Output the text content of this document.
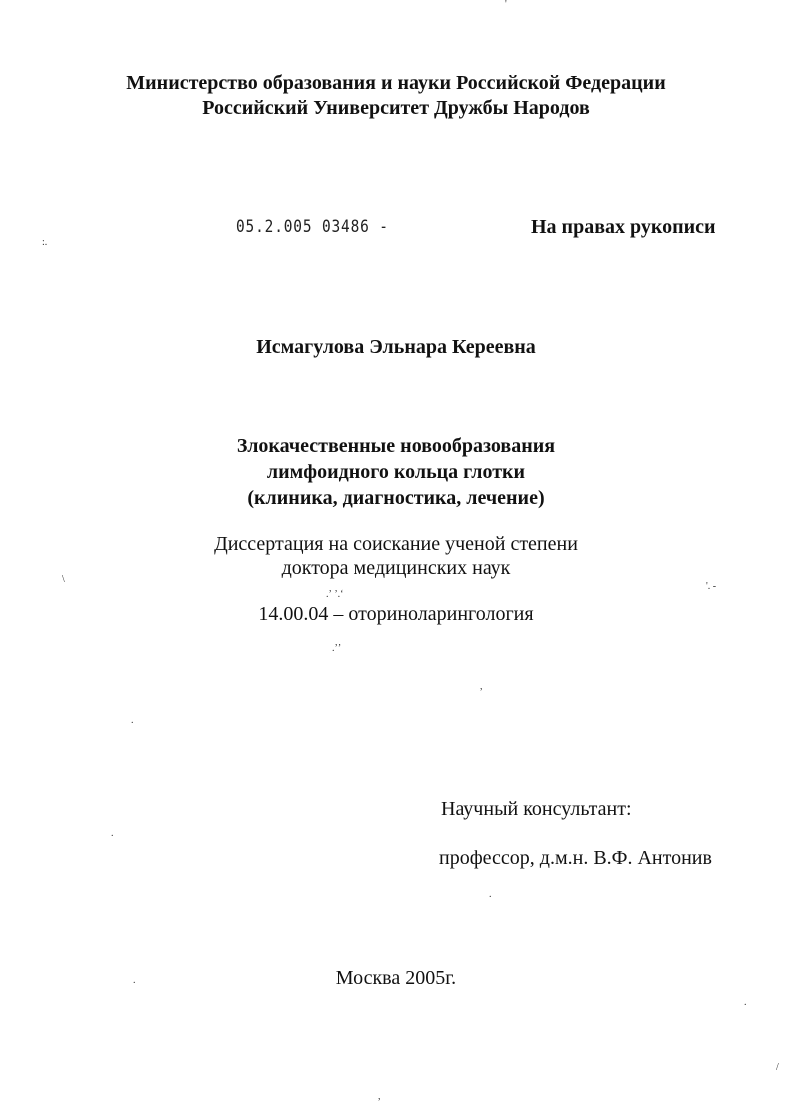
Министерство образования и науки Российской Федерации
Российский Университет Дружбы Народов
05.2.005 03486 -	На правах рукописи
Исмагулова Эльнара Кереевна
Злокачественные новообразования
лимфоидного кольца глотки
(клиника, диагностика, лечение)
Диссертация на соискание ученой степени
доктора медицинских наук
14.00.04 – оториноларингология
Научный консультант:
профессор, д.м.н. В.Ф. Антонив
Москва 2005г.
'
:.
\
'. -
.ʼ ʼ.ʻ
.ʼʼ
,
.
.
.
.
.
/
,
